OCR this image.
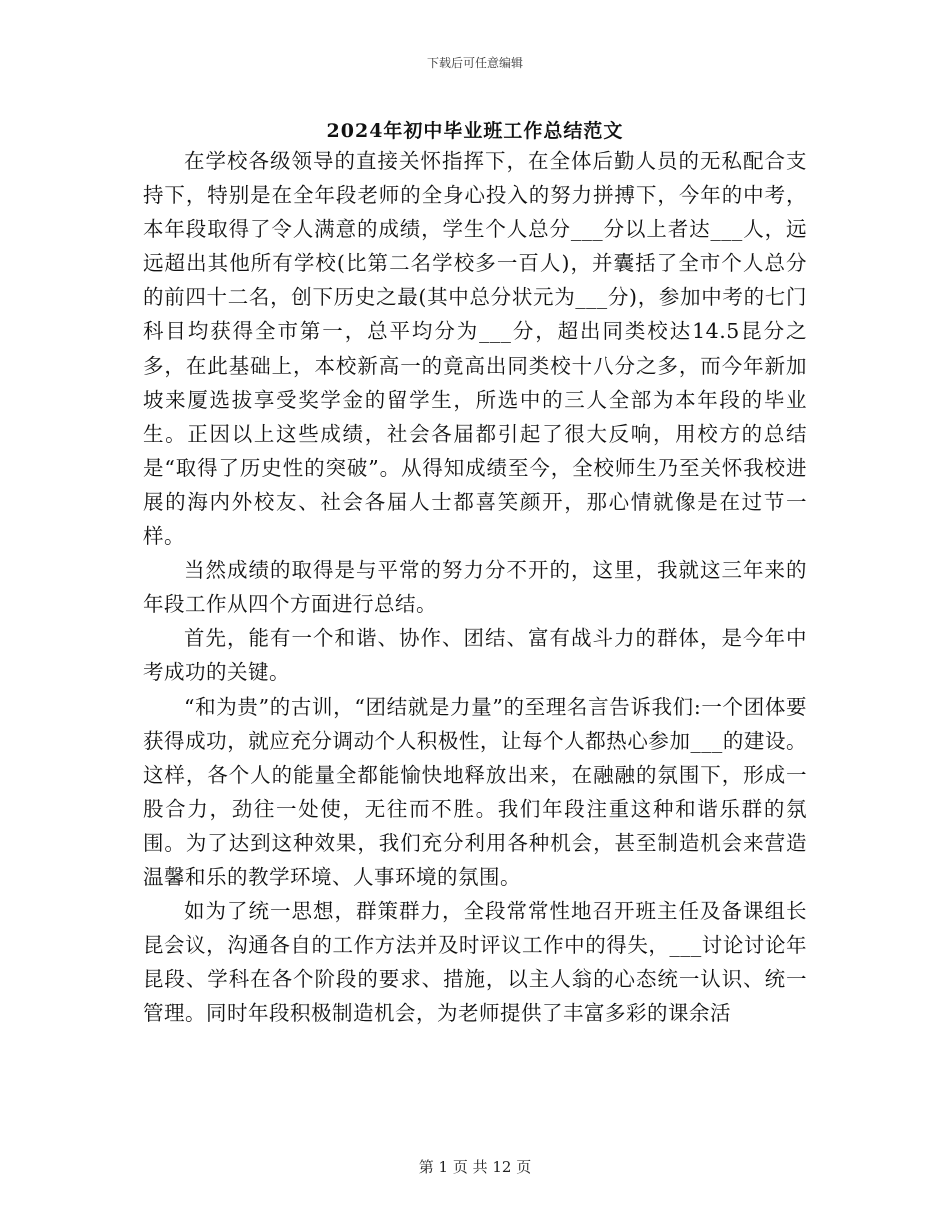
下载后可任意编辑
2024年初中毕业班工作总结范文

在学校各级领导的直接关怀指挥下，在全体后勤人员的无私配合支持下，特别是在全年段老师的全身心投入的努力拼搏下，今年的中考，本年段取得了令人满意的成绩，学生个人总分___分以上者达___人，远远超出其他所有学校(比第二名学校多一百人)，并囊括了全市个人总分的前四十二名，创下历史之最(其中总分状元为___分)，参加中考的七门科目均获得全市第一，总平均分为___分，超出同类校达14.5昆分之多，在此基础上，本校新高一的竟高出同类校十八分之多，而今年新加坡来厦选拔享受奖学金的留学生，所选中的三人全部为本年段的毕业生。正因以上这些成绩，社会各届都引起了很大反响，用校方的总结是“取得了历史性的突破”。从得知成绩至今，全校师生乃至关怀我校进展的海内外校友、社会各届人士都喜笑颜开，那心情就像是在过节一样。

当然成绩的取得是与平常的努力分不开的，这里，我就这三年来的年段工作从四个方面进行总结。

首先，能有一个和谐、协作、团结、富有战斗力的群体，是今年中考成功的关键。

“和为贵”的古训，“团结就是力量”的至理名言告诉我们:一个团体要获得成功，就应充分调动个人积极性，让每个人都热心参加___的建设。这样，各个人的能量全都能愉快地释放出来，在融融的氛围下，形成一股合力，劲往一处使，无往而不胜。我们年段注重这种和谐乐群的氛围。为了达到这种效果，我们充分利用各种机会，甚至制造机会来营造温馨和乐的教学环境、人事环境的氛围。

如为了统一思想，群策群力，全段常常性地召开班主任及备课组长昆会议，沟通各自的工作方法并及时评议工作中的得失，___讨论讨论年昆段、学科在各个阶段的要求、措施，以主人翁的心态统一认识、统一管理。同时年段积极制造机会，为老师提供了丰富多彩的课余活

第 1 页 共 12 页
